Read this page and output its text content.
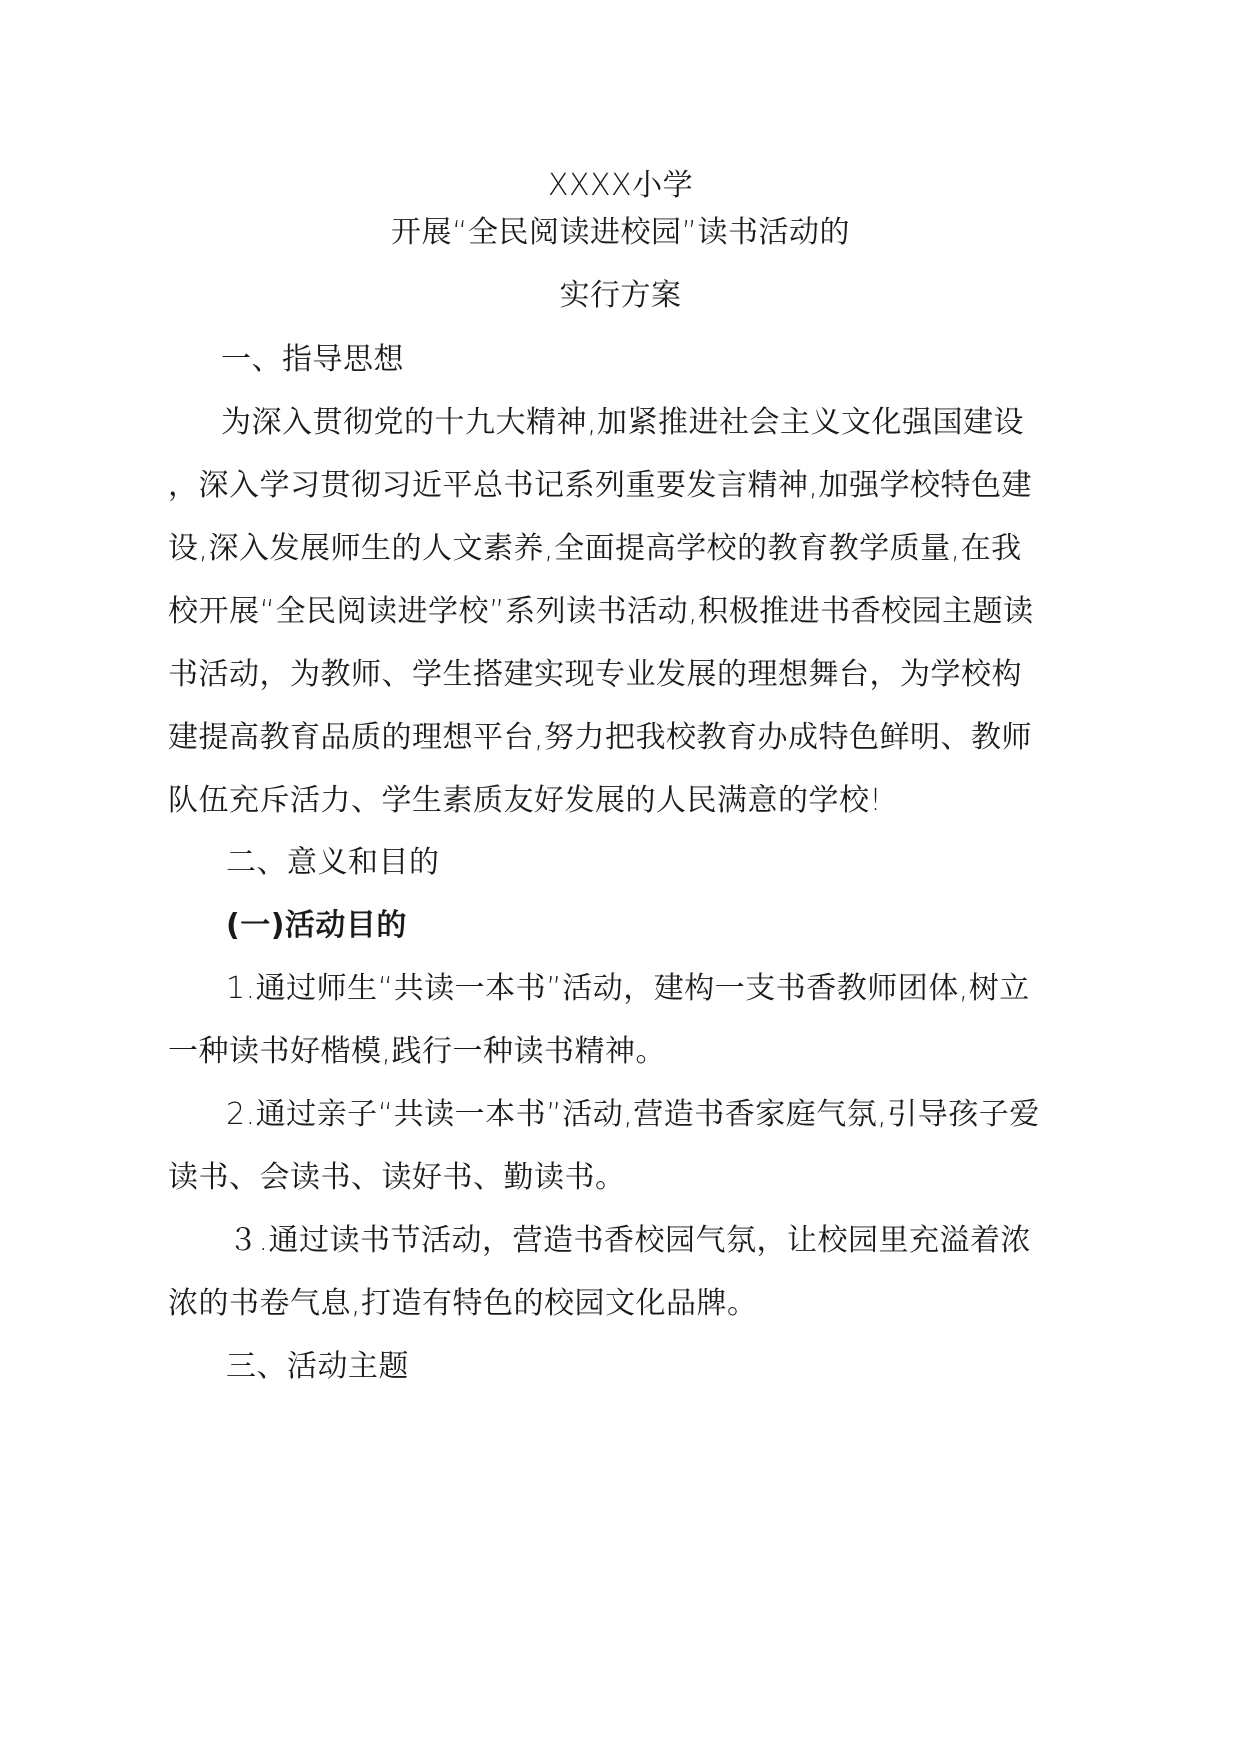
XXXX小学
开展“全民阅读进校园”读书活动的
实行方案
一、指导思想
为深入贯彻党的十九大精神,加紧推进社会主义文化强国建设
，深入学习贯彻习近平总书记系列重要发言精神,加强学校特色建
设,深入发展师生的人文素养,全面提高学校的教育教学质量,在我
校开展“全民阅读进学校”系列读书活动,积极推进书香校园主题读
书活动，为教师、学生搭建实现专业发展的理想舞台，为学校构
建提高教育品质的理想平台,努力把我校教育办成特色鲜明、教师
队伍充斥活力、学生素质友好发展的人民满意的学校!
二、意义和目的
(一)活动目的
1.通过师生“共读一本书”活动，建构一支书香教师团体,树立
一种读书好楷模,践行一种读书精神。
2.通过亲子“共读一本书”活动,营造书香家庭气氛,引导孩子爱
读书、会读书、读好书、勤读书。
３.通过读书节活动，营造书香校园气氛，让校园里充溢着浓
浓的书卷气息,打造有特色的校园文化品牌。
三、活动主题
